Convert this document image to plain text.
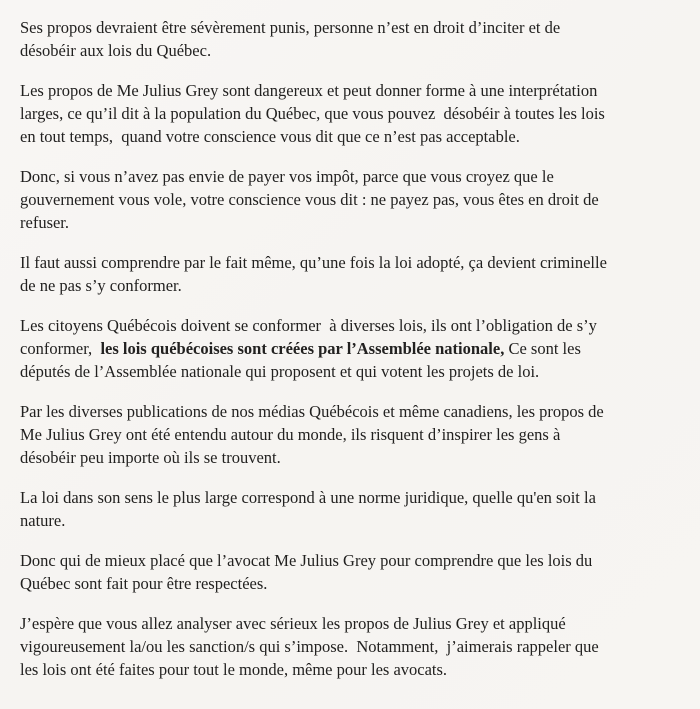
Ses propos devraient être sévèrement punis, personne n’est en droit d’inciter et de
désobéir aux lois du Québec.
Les propos de Me Julius Grey sont dangereux et peut donner forme à une interprétation
larges, ce qu’il dit à la population du Québec, que vous pouvez  désobéir à toutes les lois
en tout temps,  quand votre conscience vous dit que ce n’est pas acceptable.
Donc, si vous n’avez pas envie de payer vos impôt, parce que vous croyez que le
gouvernement vous vole, votre conscience vous dit : ne payez pas, vous êtes en droit de
refuser.
Il faut aussi comprendre par le fait même, qu’une fois la loi adopté, ça devient criminelle
de ne pas s’y conformer.
Les citoyens Québécois doivent se conformer  à diverses lois, ils ont l’obligation de s’y
conformer,  les lois québécoises sont créées par l’Assemblée nationale, Ce sont les
députés de l’Assemblée nationale qui proposent et qui votent les projets de loi.
Par les diverses publications de nos médias Québécois et même canadiens, les propos de
Me Julius Grey ont été entendu autour du monde, ils risquent d’inspirer les gens à
désobéir peu importe où ils se trouvent.
La loi dans son sens le plus large correspond à une norme juridique, quelle qu'en soit la
nature.
Donc qui de mieux placé que l’avocat Me Julius Grey pour comprendre que les lois du
Québec sont fait pour être respectées.
J’espère que vous allez analyser avec sérieux les propos de Julius Grey et appliqué
vigoureusement la/ou les sanction/s qui s’impose.  Notamment,  j’aimerais rappeler que
les lois ont été faites pour tout le monde, même pour les avocats.
